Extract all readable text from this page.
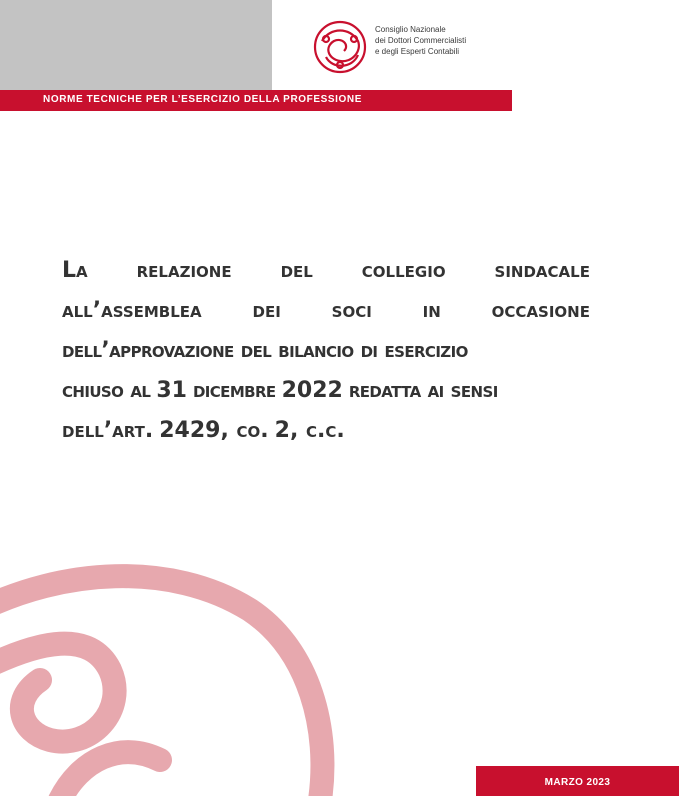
Consiglio Nazionale
dei Dottori Commercialisti
e degli Esperti Contabili
NORME TECNICHE PER L’ESERCIZIO DELLA PROFESSIONE
La relazione del collegio sindacale
all’assemblea dei soci in occasione
dell’approvazione del bilancio di esercizio
chiuso al 31 dicembre 2022 redatta ai sensi
dell’art. 2429 , co. 2 , c.c.
MARZO 2023
